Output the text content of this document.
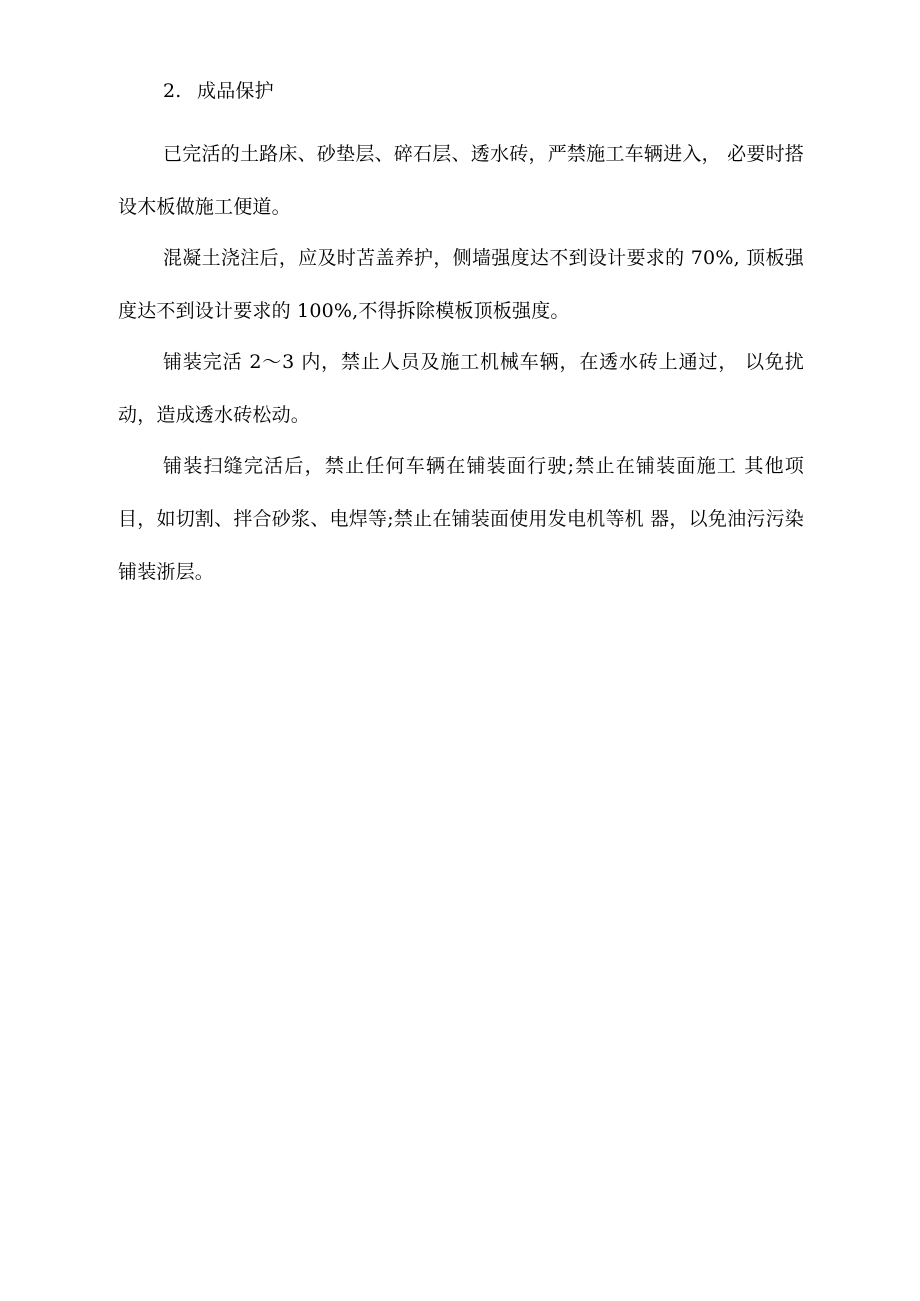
2. 成品保护

已完活的土路床、砂垫层、碎石层、透水砖，严禁施工车辆进入， 必要时搭设木板做施工便道。

混凝土浇注后，应及时苫盖养护，侧墙强度达不到设计要求的 70%, 顶板强度达不到设计要求的 100%,不得拆除模板顶板强度。

铺装完活 2～3 内，禁止人员及施工机械车辆，在透水砖上通过， 以免扰动，造成透水砖松动。

铺装扫缝完活后，禁止任何车辆在铺装面行驶;禁止在铺装面施工 其他项目，如切割、拌合砂浆、电焊等;禁止在铺装面使用发电机等机 器，以免油污污染铺装浙层。
